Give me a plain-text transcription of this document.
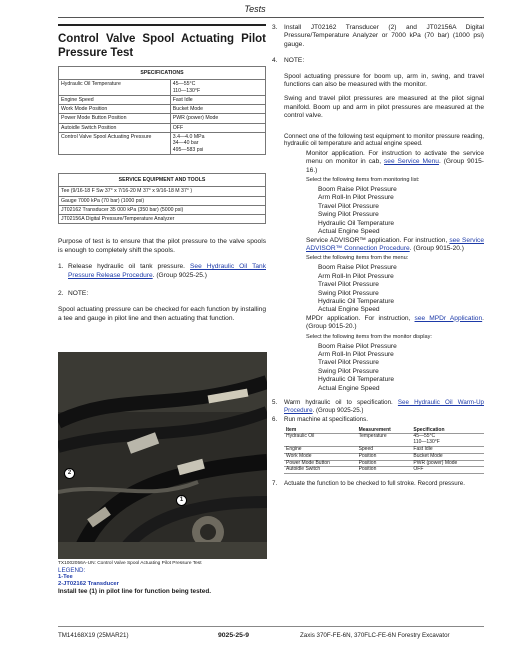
Tests
Control Valve Spool Actuating Pilot Pressure Test
SPECIFICATIONS	
Hydraulic Oil Temperature	45—55°C
110—130°F
Engine Speed	Fast Idle
Work Mode Position	Bucket Mode
Power Mode Button Position	PWR (power) Mode
Autoidle Switch Position	OFF
Control Valve Spool Actuating Pressure	3.4—4.0 MPa
34—40 bar
495—583 psi
SERVICE EQUIPMENT AND TOOLS
Tee (9/16-18 F Sw 37° x 7/16-20 M 37° x 9/16-18 M 37° )
Gauge 7000 kPa (70 bar) (1000 psi)
JT02162 Transducer 35 000 kPa (350 bar) (5000 psi)
JT02156A Digital Pressure/Temperature Analyzer
Purpose of test is to ensure that the pilot pressure to the valve spools is enough to completely shift the spools.
1. Release hydraulic oil tank pressure. See Hydraulic Oil Tank Pressure Release Procedure. (Group 9025-25.)
2. NOTE:
Spool actuating pressure can be checked for each function by installing a tee and gauge in pilot line and then actuating that function.
2
1
TX1002056A-UN: Control Valve Spool Actuating Pilot Pressure Test
LEGEND:
1-Tee
2-JT02162 Transducer
Install tee (1) in pilot line for function being tested.
3. Install JT02162 Transducer (2) and JT02156A Digital Pressure/Temperature Analyzer or 7000 kPa (70 bar) (1000 psi) gauge.
4. NOTE:
Spool actuating pressure for boom up, arm in, swing, and travel functions can also be measured with the monitor.
Swing and travel pilot pressures are measured at the pilot signal manifold. Boom up and arm in pilot pressures are measured at the control valve.
Connect one of the following test equipment to monitor pressure reading, hydraulic oil temperature and actual engine speed.
Monitor application. For instruction to activate the service menu on monitor in cab, see Service Menu. (Group 9015-16.)
Select the following items from monitoring list:
Boom Raise Pilot Pressure
Arm Roll-In Pilot Pressure
Travel Pilot Pressure
Swing Pilot Pressure
Hydraulic Oil Temperature
Actual Engine Speed
Service ADVISOR™ application. For instruction, see Service ADVISOR™ Connection Procedure. (Group 9015-20.)
Select the following items from the menu:
Boom Raise Pilot Pressure
Arm Roll-In Pilot Pressure
Travel Pilot Pressure
Swing Pilot Pressure
Hydraulic Oil Temperature
Actual Engine Speed
MPDr application. For instruction, see MPDr Application. (Group 9015-20.)
Select the following items from the monitor display:
Boom Raise Pilot Pressure
Arm Roll-In Pilot Pressure
Travel Pilot Pressure
Swing Pilot Pressure
Hydraulic Oil Temperature
Actual Engine Speed
5. Warm hydraulic oil to specification. See Hydraulic Oil Warm-Up Procedure. (Group 9025-25.)
6. Run machine at specifications.
Item	Measurement	Specification
Hydraulic Oil	Temperature	45—55°C
110—130°F
Engine	Speed	Fast Idle
Work Mode	Position	Bucket Mode
Power Mode Button	Position	PWR (power) Mode
Autoidle Switch	Position	OFF
7. Actuate the function to be checked to full stroke. Record pressure.
TM14168X19 (25MAR21)	9025-25-9	Zaxis 370F-FE-6N, 370FLC-FE-6N Forestry Excavator
